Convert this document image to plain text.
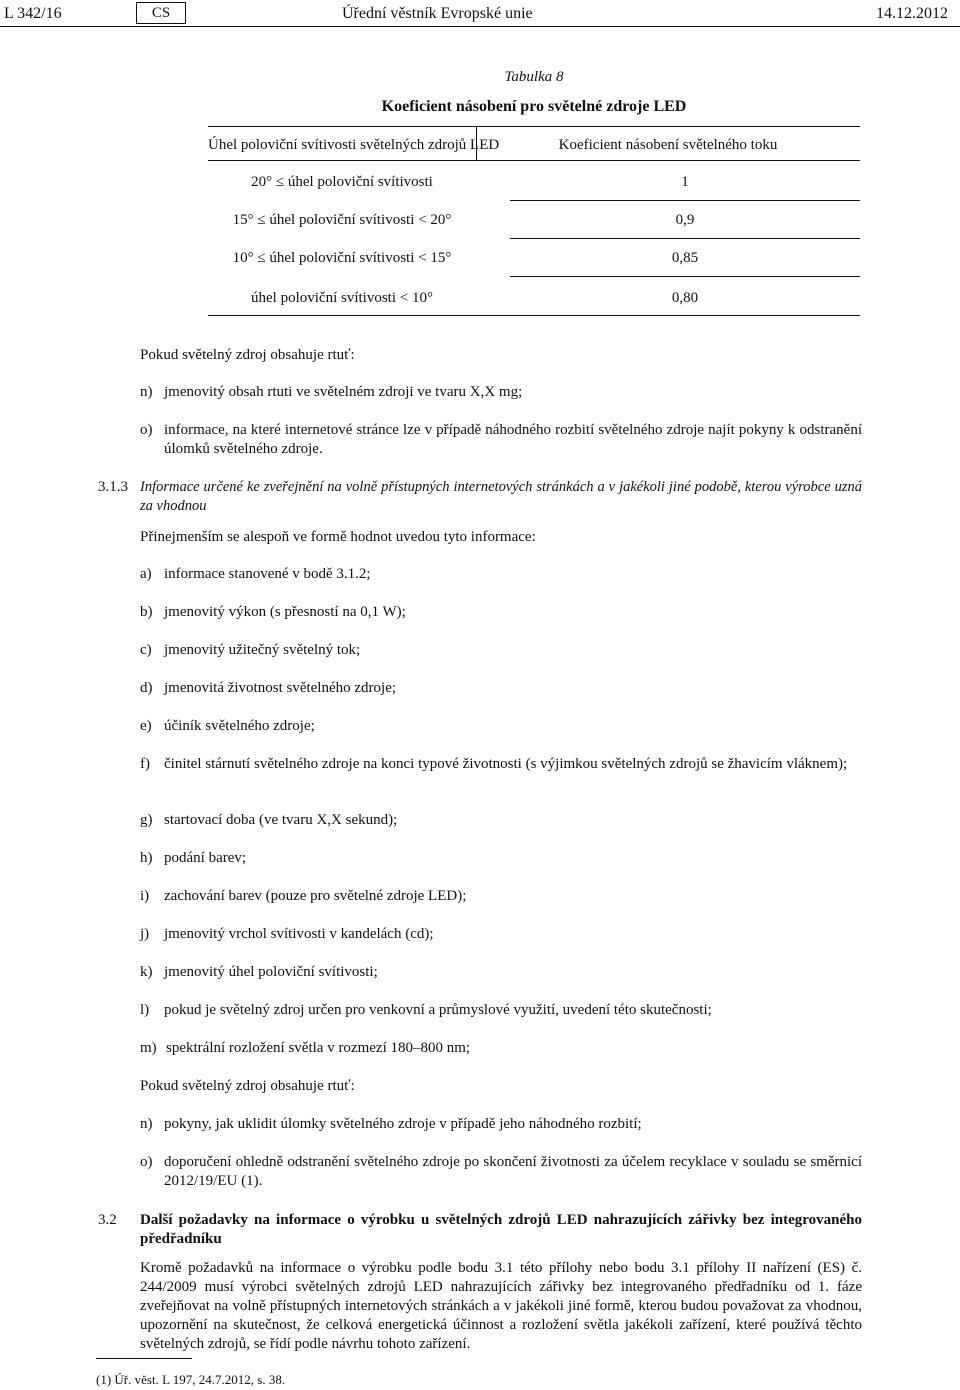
L 342/16	CS	Úřední věstník Evropské unie	14.12.2012
Tabulka 8
Koeficient násobení pro světelné zdroje LED
Úhel poloviční svítivosti světelných zdrojů LED	Koeficient násobení světelného toku
20° ≤ úhel poloviční svítivosti	1
15° ≤ úhel poloviční svítivosti < 20°	0,9
10° ≤ úhel poloviční svítivosti < 15°	0,85
úhel poloviční svítivosti < 10°	0,80
Pokud světelný zdroj obsahuje rtuť:
n) jmenovitý obsah rtuti ve světelném zdroji ve tvaru X,X mg;
o) informace, na které internetové stránce lze v případě náhodného rozbití světelného zdroje najít pokyny k odstranění úlomků světelného zdroje.
3.1.3 Informace určené ke zveřejnění na volně přístupných internetových stránkách a v jakékoli jiné podobě, kterou výrobce uzná za vhodnou
Přinejmenším se alespoň ve formě hodnot uvedou tyto informace:
a) informace stanovené v bodě 3.1.2;
b) jmenovitý výkon (s přesností na 0,1 W);
c) jmenovitý užitečný světelný tok;
d) jmenovitá životnost světelného zdroje;
e) účiník světelného zdroje;
f) činitel stárnutí světelného zdroje na konci typové životnosti (s výjimkou světelných zdrojů se žhavicím vláknem);
g) startovací doba (ve tvaru X,X sekund);
h) podání barev;
i) zachování barev (pouze pro světelné zdroje LED);
j) jmenovitý vrchol svítivosti v kandelách (cd);
k) jmenovitý úhel poloviční svítivosti;
l) pokud je světelný zdroj určen pro venkovní a průmyslové využití, uvedení této skutečnosti;
m) spektrální rozložení světla v rozmezí 180–800 nm;
Pokud světelný zdroj obsahuje rtuť:
n) pokyny, jak uklidit úlomky světelného zdroje v případě jeho náhodného rozbití;
o) doporučení ohledně odstranění světelného zdroje po skončení životnosti za účelem recyklace v souladu se směrnicí 2012/19/EU (1).
3.2 Další požadavky na informace o výrobku u světelných zdrojů LED nahrazujících zářivky bez integrovaného předřadníku
Kromě požadavků na informace o výrobku podle bodu 3.1 této přílohy nebo bodu 3.1 přílohy II nařízení (ES) č. 244/2009 musí výrobci světelných zdrojů LED nahrazujících zářivky bez integrovaného předřadníku od 1. fáze zveřejňovat na volně přístupných internetových stránkách a v jakékoli jiné formě, kterou budou považovat za vhodnou, upozornění na skutečnost, že celková energetická účinnost a rozložení světla jakékoli zařízení, které používá těchto světelných zdrojů, se řídí podle návrhu tohoto zařízení.
(1) Úř. věst. L 197, 24.7.2012, s. 38.
